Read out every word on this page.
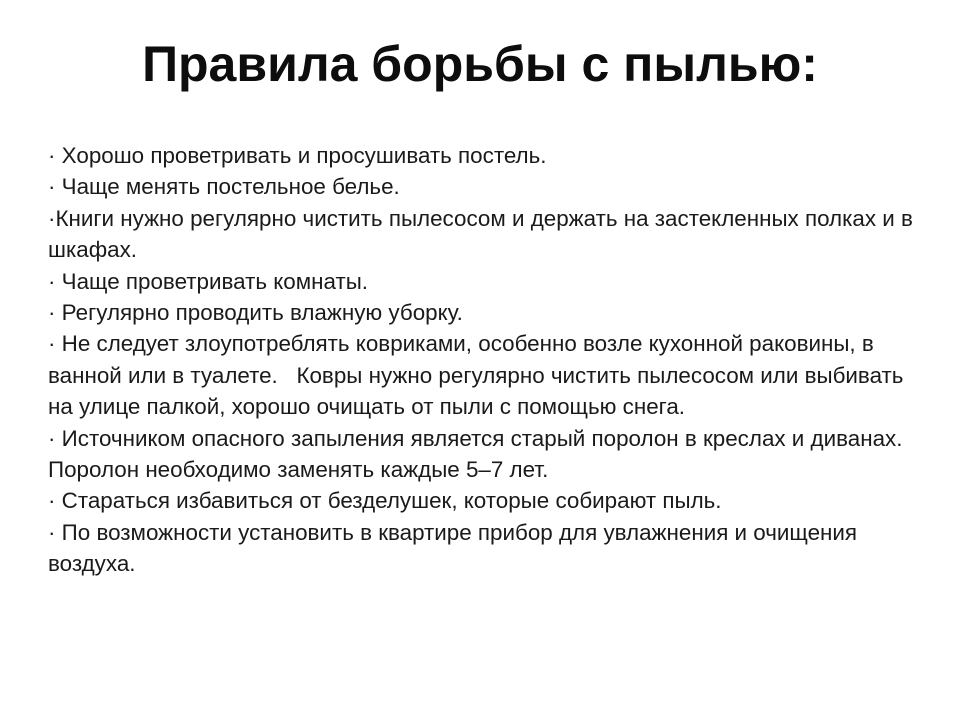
Правила борьбы с пылью:

· Хорошо проветривать и просушивать постель.

· Чаще менять постельное белье.

·Книги нужно регулярно чистить пылесосом и держать на застекленных полках и в шкафах.

· Чаще проветривать комнаты.

· Регулярно проводить влажную уборку.

· Не следует злоупотреблять ковриками, особенно возле кухонной раковины, в ванной или в туалете.   Ковры нужно регулярно чистить пылесосом или выбивать на улице палкой, хорошо очищать от пыли с помощью снега.

· Источником опасного запыления является старый поролон в креслах и диванах. Поролон необходимо заменять каждые 5–7 лет.

· Стараться избавиться от безделушек, которые собирают пыль.

· По возможности установить в квартире прибор для увлажнения и очищения воздуха.
